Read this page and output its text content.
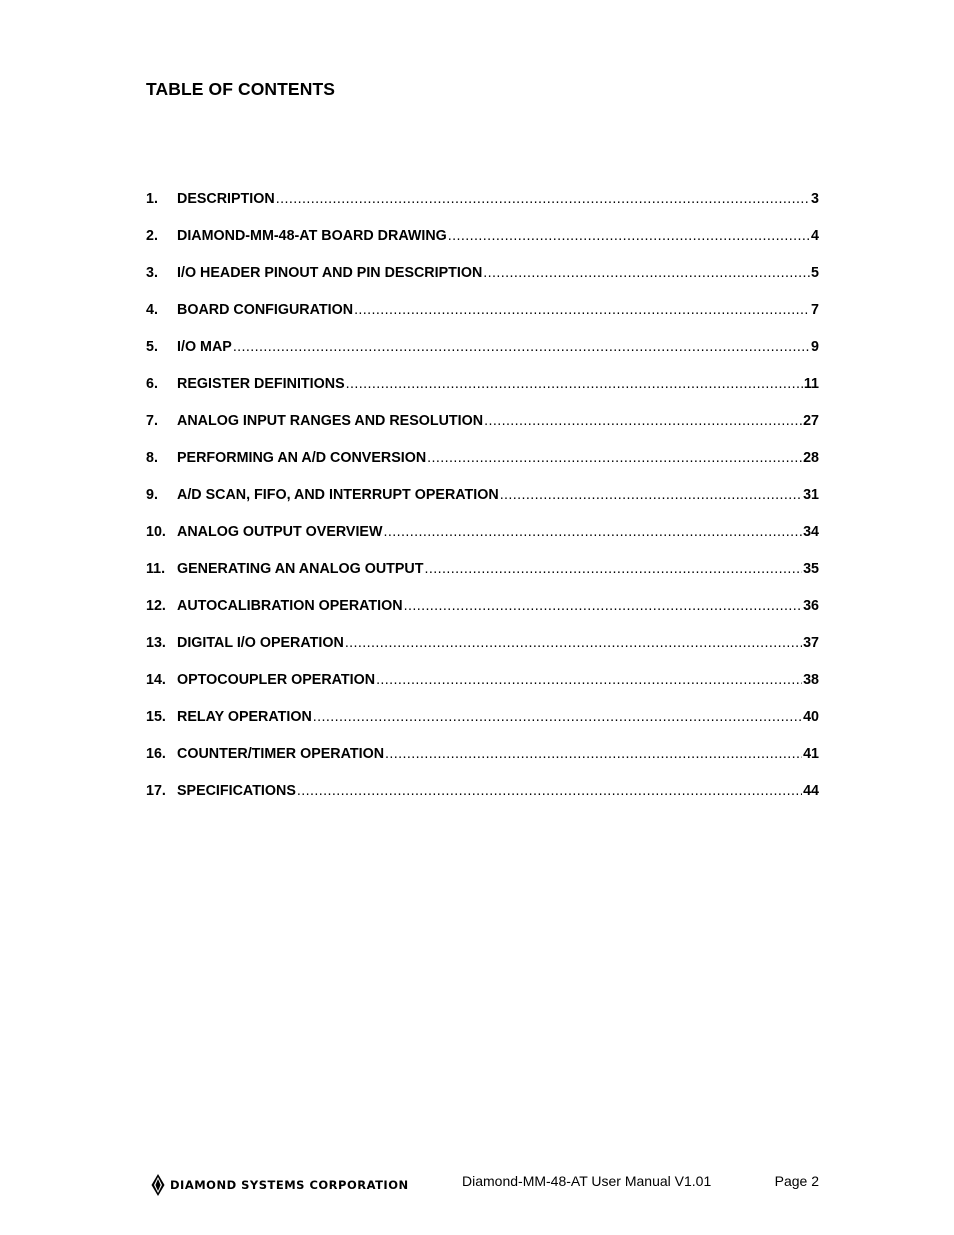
TABLE OF CONTENTS
1.	DESCRIPTION .....	3
2.	DIAMOND-MM-48-AT BOARD DRAWING .....	4
3.	I/O HEADER PINOUT AND PIN DESCRIPTION .....	5
4.	BOARD CONFIGURATION .....	7
5.	I/O MAP .....	9
6.	REGISTER DEFINITIONS .....	11
7.	ANALOG INPUT RANGES AND RESOLUTION .....	27
8.	PERFORMING AN A/D CONVERSION .....	28
9.	A/D SCAN, FIFO, AND INTERRUPT OPERATION .....	31
10. ANALOG OUTPUT OVERVIEW .....	34
11. GENERATING AN ANALOG OUTPUT .....	35
12. AUTOCALIBRATION OPERATION .....	36
13. DIGITAL I/O OPERATION .....	37
14. OPTOCOUPLER OPERATION .....	38
15. RELAY OPERATION .....	40
16. COUNTER/TIMER OPERATION .....	41
17. SPECIFICATIONS .....	44
DIAMOND SYSTEMS CORPORATION	Diamond-MM-48-AT User Manual V1.01	Page 2
